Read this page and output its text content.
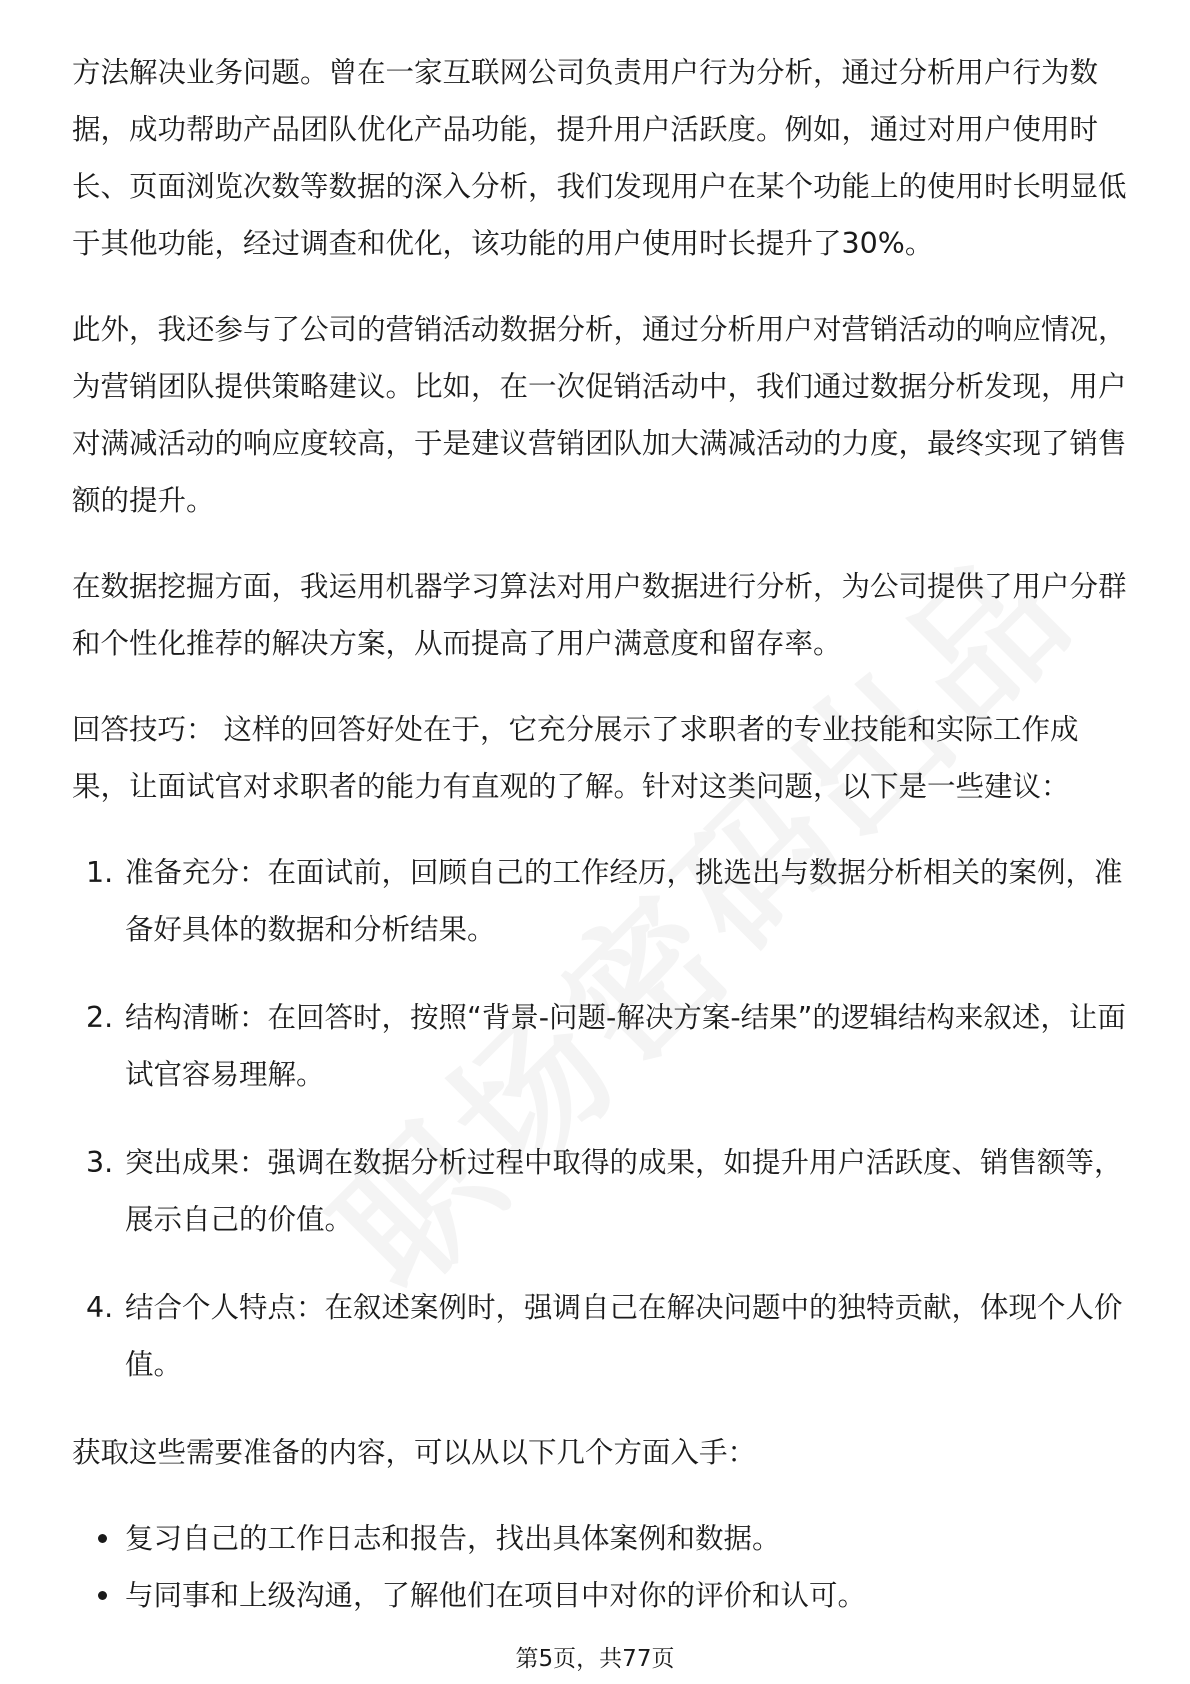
方法解决业务问题。曾在一家互联网公司负责用户行为分析，通过分析用户行为数据，成功帮助产品团队优化产品功能，提升用户活跃度。例如，通过对用户使用时长、页面浏览次数等数据的深入分析，我们发现用户在某个功能上的使用时长明显低于其他功能，经过调查和优化，该功能的用户使用时长提升了30%。

此外，我还参与了公司的营销活动数据分析，通过分析用户对营销活动的响应情况，为营销团队提供策略建议。比如，在一次促销活动中，我们通过数据分析发现，用户对满减活动的响应度较高，于是建议营销团队加大满减活动的力度，最终实现了销售额的提升。

在数据挖掘方面，我运用机器学习算法对用户数据进行分析，为公司提供了用户分群和个性化推荐的解决方案，从而提高了用户满意度和留存率。

回答技巧： 这样的回答好处在于，它充分展示了求职者的专业技能和实际工作成果，让面试官对求职者的能力有直观的了解。针对这类问题，以下是一些建议：

1. 准备充分：在面试前，回顾自己的工作经历，挑选出与数据分析相关的案例，准备好具体的数据和分析结果。
2. 结构清晰：在回答时，按照“背景-问题-解决方案-结果”的逻辑结构来叙述，让面试官容易理解。
3. 突出成果：强调在数据分析过程中取得的成果，如提升用户活跃度、销售额等，展示自己的价值。
4. 结合个人特点：在叙述案例时，强调自己在解决问题中的独特贡献，体现个人价值。

获取这些需要准备的内容，可以从以下几个方面入手：

复习自己的工作日志和报告，找出具体案例和数据。
与同事和上级沟通，了解他们在项目中对你的评价和认可。
第5页，共77页
